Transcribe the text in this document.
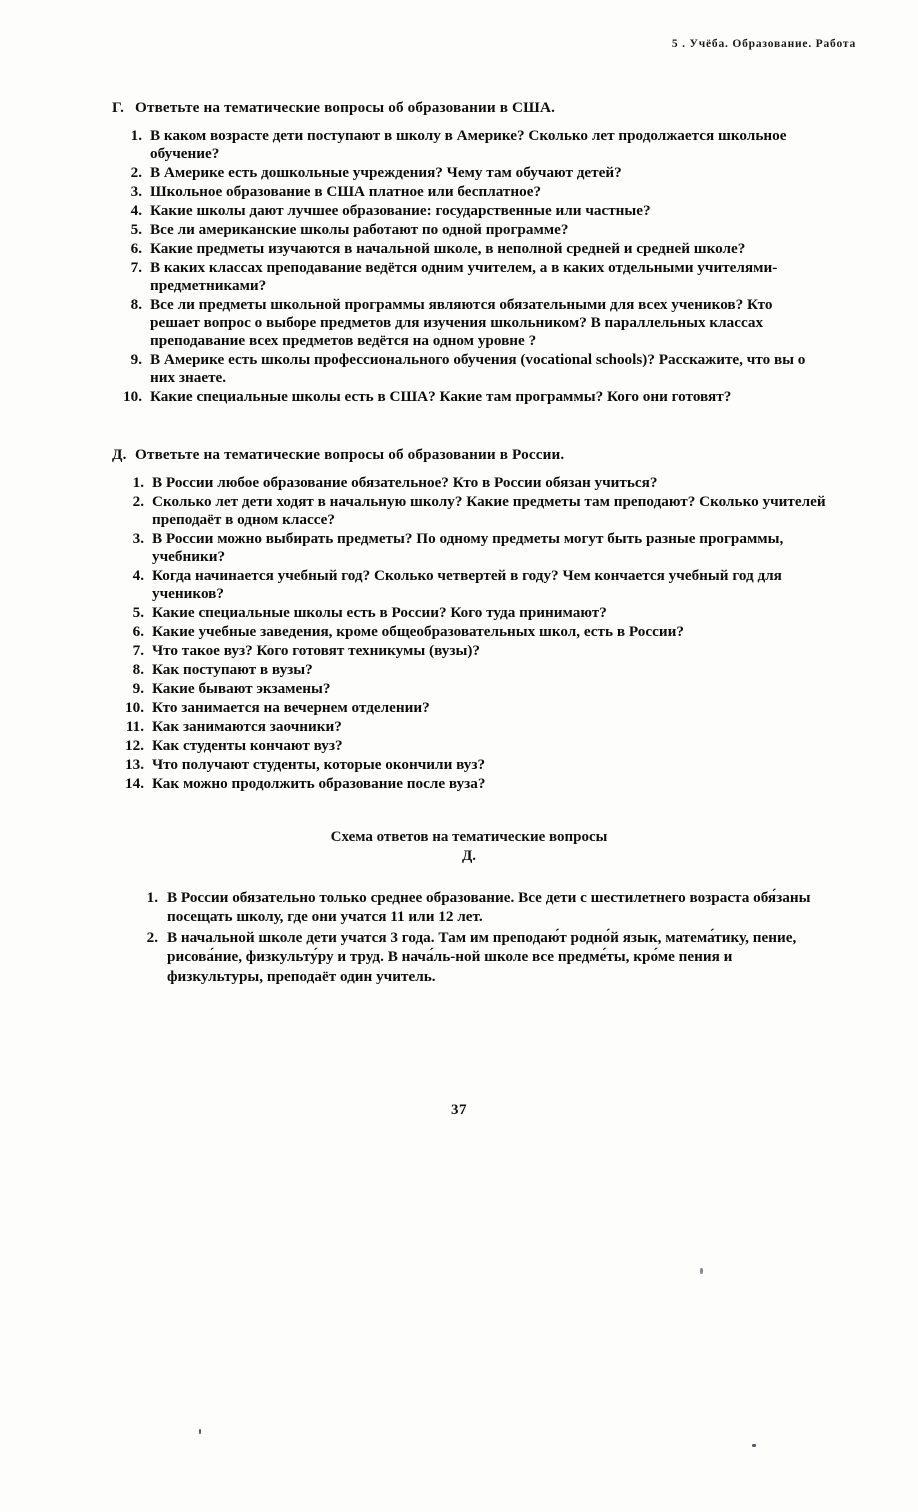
5 . Учёба. Образование. Работа
Г. Ответьте на тематические вопросы об образовании в США.
1. В каком возрасте дети поступают в школу в Америке? Сколько лет продолжается школьное обучение?
2. В Америке есть дошкольные учреждения? Чему там обучают детей?
3. Школьное образование в США платное или бесплатное?
4. Какие школы дают лучшее образование: государственные или частные?
5. Все ли американские школы работают по одной программе?
6. Какие предметы изучаются в начальной школе, в неполной средней и средней школе?
7. В каких классах преподавание ведётся одним учителем, а в каких отдельными учителями-предметниками?
8. Все ли предметы школьной программы являются обязательными для всех учеников? Кто решает вопрос о выборе предметов для изучения школьником? В параллельных классах преподавание всех предметов ведётся на одном уровне ?
9. В Америке есть школы профессионального обучения (vocational schools)? Расскажите, что вы о них знаете.
10. Какие специальные школы есть в США? Какие там программы? Кого они готовят?
Д. Ответьте на тематические вопросы об образовании в России.
1. В России любое образование обязательное? Кто в России обязан учиться?
2. Сколько лет дети ходят в начальную школу? Какие предметы там преподают? Сколько учителей преподаёт в одном классе?
3. В России можно выбирать предметы? По одному предметы могут быть разные программы, учебники?
4. Когда начинается учебный год? Сколько четвертей в году? Чем кончается учебный год для учеников?
5. Какие специальные школы есть в России? Кого туда принимают?
6. Какие учебные заведения, кроме общеобразовательных школ, есть в России?
7. Что такое вуз? Кого готовят техникумы (вузы)?
8. Как поступают в вузы?
9. Какие бывают экзамены?
10. Кто занимается на вечернем отделении?
11. Как занимаются заочники?
12. Как студенты кончают вуз?
13. Что получают студенты, которые окончили вуз?
14. Как можно продолжить образование после вуза?
Схема ответов на тематические вопросы
Д.
1. В России обязательно только среднее образование. Все дети с шестилетнего возраста обя́заны посещать школу, где они учатся 11 или 12 лет.
2. В начальной школе дети учатся 3 года. Там им преподаю́т родно́й язык, матема́тику, пение, рисова́ние, физкульту́ру и труд. В нача́ль-ной школе все предме́ты, кро́ме пения и физкультуры, преподаёт один учитель.
37
